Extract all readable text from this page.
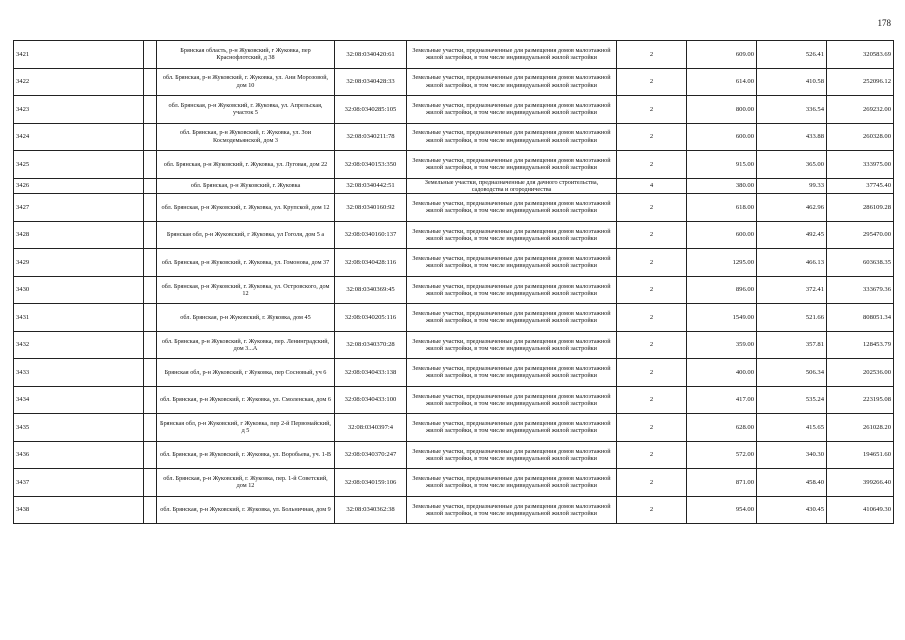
178
3421		Брянская область, р-н Жуковский, г Жуковка, пер Краснофлотский, д 38	32:08:0340420:61	Земельные участки, предназначенные для размещения домов малоэтажной жилой застройки, в том числе индивидуальной жилой застройки	2	609.00	526.41	320583.69
3422		обл. Брянская, р-н Жуковский, г. Жуковка, ул. Ани Морозовой, дом 10	32:08:0340428:33	Земельные участки, предназначенные для размещения домов малоэтажной жилой застройки, в том числе индивидуальной жилой застройки	2	614.00	410.58	252096.12
3423		обл. Брянская, р-н Жуковский, г. Жуковка, ул. Апрельская, участок 5	32:08:0340285:105	Земельные участки, предназначенные для размещения домов малоэтажной жилой застройки, в том числе индивидуальной жилой застройки	2	800.00	336.54	269232.00
3424		обл. Брянская, р-н Жуковский, г. Жуковка, ул. Зои Космодемьянской, дом 3	32:08:0340211:78	Земельные участки, предназначенные для размещения домов малоэтажной жилой застройки, в том числе индивидуальной жилой застройки	2	600.00	433.88	260328.00
3425		обл. Брянская, р-н Жуковский, г. Жуковка, ул. Луговая, дом 22	32:08:0340153:350	Земельные участки, предназначенные для размещения домов малоэтажной жилой застройки, в том числе индивидуальной жилой застройки	2	915.00	365.00	333975.00
3426		обл. Брянская, р-н Жуковский, г. Жуковка	32:08:0340442:51	Земельные участки, предназначенные для дачного строительства, садоводства и огородничества	4	380.00	99.33	37745.40
3427		обл. Брянская, р-н Жуковский, г. Жуковка, ул. Крупской, дом 12	32:08:0340160:92	Земельные участки, предназначенные для размещения домов малоэтажной жилой застройки, в том числе индивидуальной жилой застройки	2	618.00	462.96	286109.28
3428		Брянская обл, р-н Жуковский, г Жуковка, ул Гоголя, дом 5 а	32:08:0340160:137	Земельные участки, предназначенные для размещения домов малоэтажной жилой застройки, в том числе индивидуальной жилой застройки	2	600.00	492.45	295470.00
3429		обл. Брянская, р-н Жуковский, г. Жуковка, ул. Гомонова, дом 37	32:08:0340428:116	Земельные участки, предназначенные для размещения домов малоэтажной жилой застройки, в том числе индивидуальной жилой застройки	2	1295.00	466.13	603638.35
3430		обл. Брянская, р-н Жуковский, г. Жуковка, ул. Островского, дом 12	32:08:0340369:45	Земельные участки, предназначенные для размещения домов малоэтажной жилой застройки, в том числе индивидуальной жилой застройки	2	896.00	372.41	333679.36
3431		обл. Брянская, р-н Жуковский, г. Жуковка, дом 45	32:08:0340205:116	Земельные участки, предназначенные для размещения домов малоэтажной жилой застройки, в том числе индивидуальной жилой застройки	2	1549.00	521.66	808051.34
3432		обл. Брянская, р-н Жуковский, г. Жуковка, пер. Ленинградский, дом 3...А	32:08:0340370:28	Земельные участки, предназначенные для размещения домов малоэтажной жилой застройки, в том числе индивидуальной жилой застройки	2	359.00	357.81	128453.79
3433		Брянская обл, р-н Жуковский, г Жуковка, пер Сосновый, уч 6	32:08:0340433:138	Земельные участки, предназначенные для размещения домов малоэтажной жилой застройки, в том числе индивидуальной жилой застройки	2	400.00	506.34	202536.00
3434		обл. Брянская, р-н Жуковский, г. Жуковка, ул. Смоленская, дом 6	32:08:0340433:100	Земельные участки, предназначенные для размещения домов малоэтажной жилой застройки, в том числе индивидуальной жилой застройки	2	417.00	535.24	223195.08
3435		Брянская обл, р-н Жуковский, г Жуковка, пер 2-й Первомайский, д 5	32:08:0340397:4	Земельные участки, предназначенные для размещения домов малоэтажной жилой застройки, в том числе индивидуальной жилой застройки	2	628.00	415.65	261028.20
3436		обл. Брянская, р-н Жуковский, г. Жуковка, ул. Воробьева, уч. 1-В	32:08:0340370:247	Земельные участки, предназначенные для размещения домов малоэтажной жилой застройки, в том числе индивидуальной жилой застройки	2	572.00	340.30	194651.60
3437		обл. Брянская, р-н Жуковский, г. Жуковка, пер. 1-й Советский, дом 12	32:08:0340159:106	Земельные участки, предназначенные для размещения домов малоэтажной жилой застройки, в том числе индивидуальной жилой застройки	2	871.00	458.40	399266.40
3438		обл. Брянская, р-н Жуковский, г. Жуковка, ул. Больничная, дом 9	32:08:0340362:38	Земельные участки, предназначенные для размещения домов малоэтажной жилой застройки, в том числе индивидуальной жилой застройки	2	954.00	430.45	410649.30
